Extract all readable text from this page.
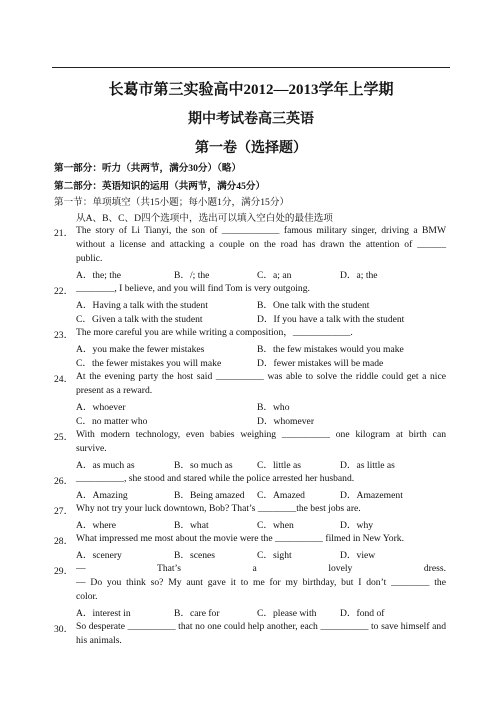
长葛市第三实验高中2012—2013学年上学期
期中考试卷高三英语
第一卷（选择题）
第一部分：听力（共两节，满分30分）（略）
第二部分：英语知识的运用（共两节，满分45分）
第一节：单项填空（共15小题；每小题1分，满分15分）
从A、B、C、D四个选项中，选出可以填入空白处的最佳选项
21． The story of Li Tianyi, the son of ____________ famous military singer, driving a BMW
without a license and attacking a couple on the road has drawn the attention of ______
public.
A．the; the	B．/; the	C．a; an	D．a; the
22． ________, I believe, and you will find Tom is very outgoing.
A．Having a talk with the student	B．One talk with the student
C．Given a talk with the student	D．If you have a talk with the student
23． The more careful you are while writing a composition，____________.
A．you make the fewer mistakes	B．the few mistakes would you make
C．the fewer mistakes you will make	D．fewer mistakes will be made
24． At the evening party the host said __________ was able to solve the riddle could get a nice
present as a reward.
A．whoever	B．who
C．no matter who	D．whomever
25． With modern technology, even babies weighing __________ one kilogram at birth can
survive.
A．as much as	B．so much as	C．little as	D．as little as
26． __________, she stood and stared while the police arrested her husband.
A．Amazing	B．Being amazed C．Amazed	D．Amazement
27． Why not try your luck downtown, Bob? That’s ________the best jobs are.
A．where	B．what	C．when	D．why
28． What impressed me most about the movie were the __________ filmed in New York.
A．scenery	B．scenes	C．sight	D．view
29． — That’s a lovely dress.
— Do you think so? My aunt gave it to me for my birthday, but I don’t ________ the
color.
A．interest in	B．care for	C．please with D．fond of
30． So desperate __________ that no one could help another, each __________ to save himself and
his animals.
